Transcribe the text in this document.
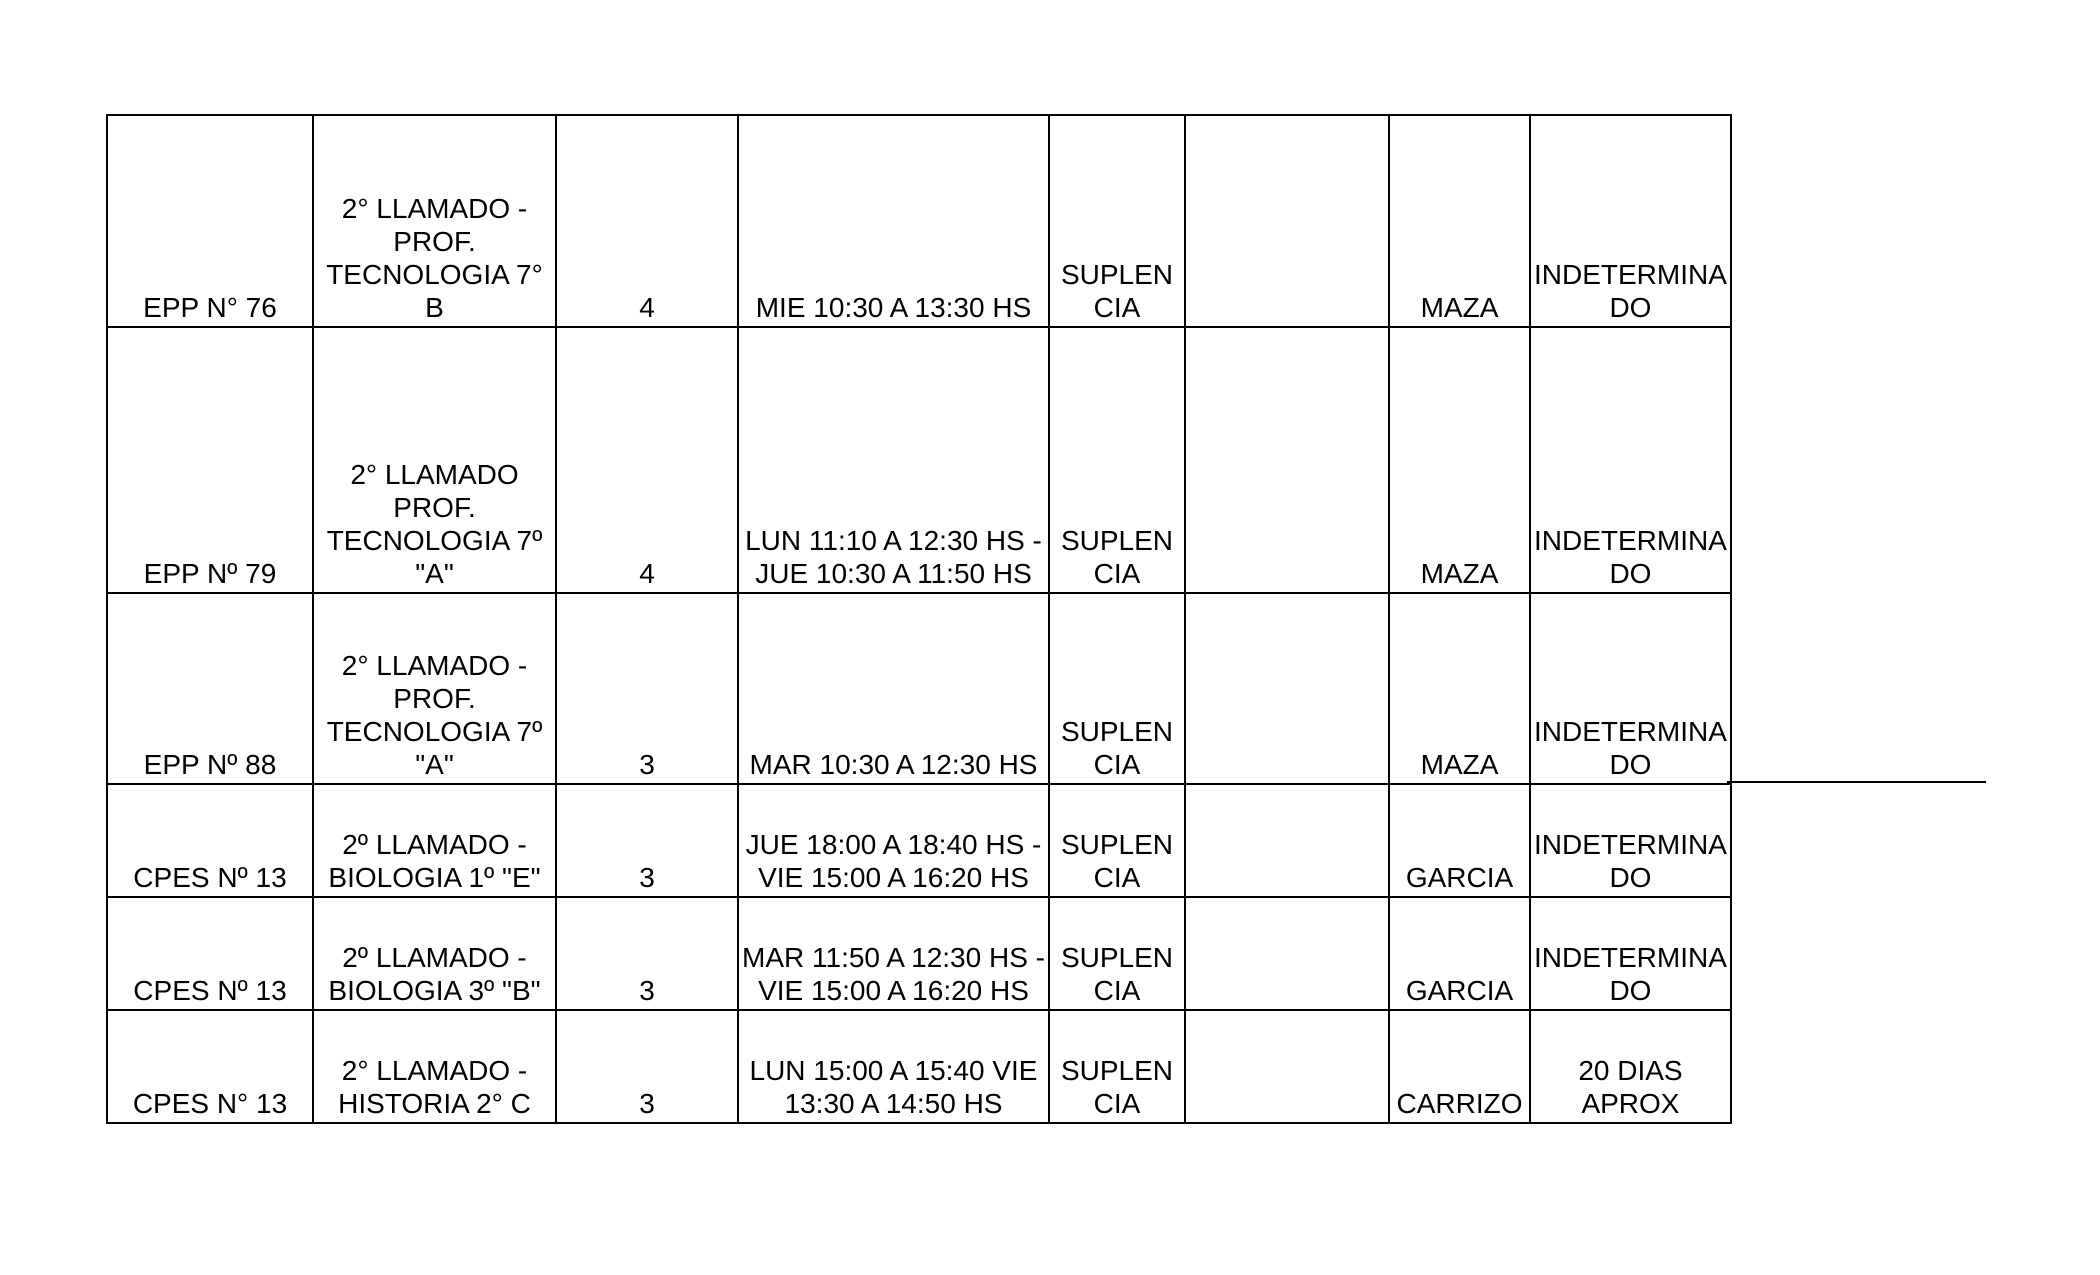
EPP N° 76	2° LLAMADO -
PROF.
TECNOLOGIA 7°
B	4	MIE 10:30 A 13:30 HS	SUPLEN
CIA		MAZA	INDETERMINA
DO
EPP Nº 79	2° LLAMADO
PROF.
TECNOLOGIA 7º
"A"	4	LUN 11:10 A 12:30 HS -
JUE 10:30 A 11:50 HS	SUPLEN
CIA		MAZA	INDETERMINA
DO
EPP Nº 88	2° LLAMADO -
PROF.
TECNOLOGIA 7º
"A"	3	MAR 10:30 A 12:30 HS	SUPLEN
CIA		MAZA	INDETERMINA
DO
CPES Nº 13	2º LLAMADO -
BIOLOGIA 1º "E"	3	JUE 18:00 A 18:40 HS -
VIE 15:00 A 16:20 HS	SUPLEN
CIA		GARCIA	INDETERMINA
DO
CPES Nº 13	2º LLAMADO -
BIOLOGIA 3º "B"	3	MAR 11:50 A 12:30 HS -
VIE 15:00 A 16:20 HS	SUPLEN
CIA		GARCIA	INDETERMINA
DO
CPES N° 13	2° LLAMADO -
HISTORIA 2° C	3	LUN 15:00 A 15:40 VIE
13:30 A 14:50 HS	SUPLEN
CIA		CARRIZO	20 DIAS
APROX
